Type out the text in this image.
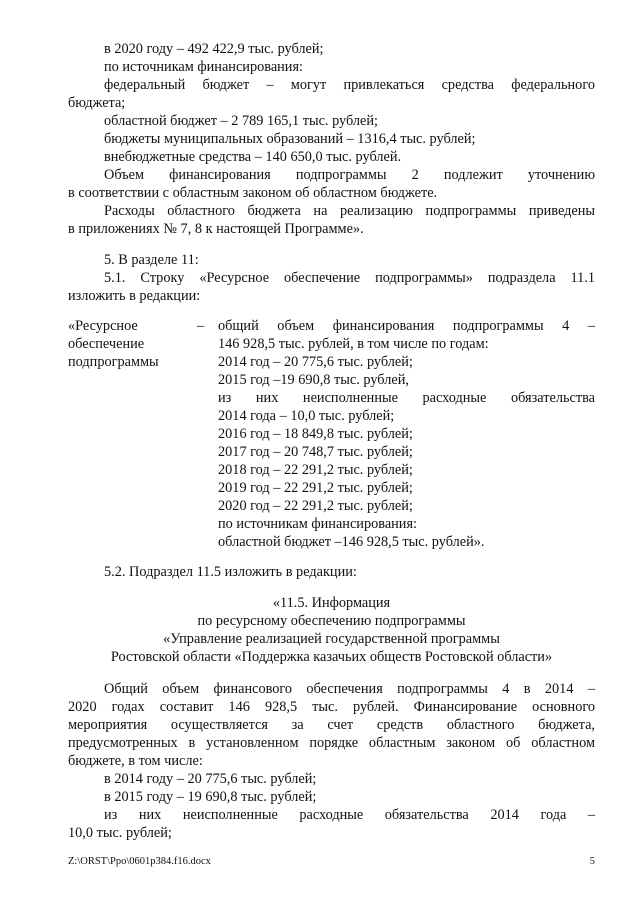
в 2020 году – 492 422,9 тыс. рублей;

по источникам финансирования:

федеральный бюджет – могут привлекаться средства федерального

бюджета;

областной бюджет – 2 789 165,1 тыс. рублей;

бюджеты муниципальных образований – 1316,4 тыс. рублей;

внебюджетные средства – 140 650,0 тыс. рублей.

Объем финансирования подпрограммы 2 подлежит уточнению

в соответствии с областным законом об областном бюджете.

Расходы областного бюджета на реализацию подпрограммы приведены

в приложениях № 7, 8 к настоящей Программе».

5. В разделе 11:

5.1. Строку «Ресурсное обеспечение подпрограммы» подраздела 11.1

изложить в редакции:

«Ресурсное
обеспечение
подпрограммы
– общий объем финансирования подпрограммы 4 –
146 928,5 тыс. рублей, в том числе по годам:
2014 год – 20 775,6 тыс. рублей;
2015 год –19 690,8 тыс. рублей,
из них неисполненные расходные обязательства
2014 года – 10,0 тыс. рублей;
2016 год – 18 849,8 тыс. рублей;
2017 год – 20 748,7 тыс. рублей;
2018 год – 22 291,2 тыс. рублей;
2019 год – 22 291,2 тыс. рублей;
2020 год – 22 291,2 тыс. рублей;
по источникам финансирования:
областной бюджет –146 928,5 тыс. рублей».

5.2. Подраздел 11.5 изложить в редакции:

«11.5. Информация

по ресурсному обеспечению подпрограммы

«Управление реализацией государственной программы

Ростовской области «Поддержка казачьих обществ Ростовской области»

Общий объем финансового обеспечения подпрограммы 4 в 2014 –

2020 годах составит 146 928,5 тыс. рублей. Финансирование основного

мероприятия осуществляется за счет средств областного бюджета,

предусмотренных в установленном порядке областным законом об областном

бюджете, в том числе:

в 2014 году – 20 775,6 тыс. рублей;

в 2015 году – 19 690,8 тыс. рублей;

из них неисполненные расходные обязательства 2014 года –

10,0 тыс. рублей;

Z:\ORST\Ppo\0601p384.f16.docx	5
